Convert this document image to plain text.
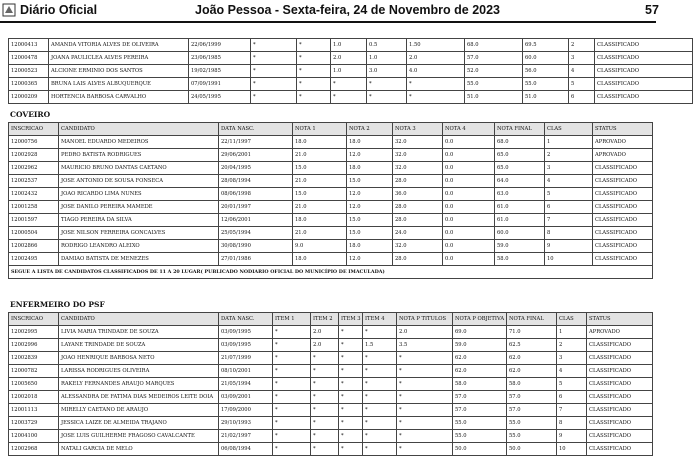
Diário Oficial	João Pessoa - Sexta-feira, 24 de Novembro de 2023	57
12000413	AMANDA VITORIA ALVES DE OLIVEIRA	22/06/1999	*	*	1.0	0.5	1.50	68.0	69.5	2	CLASSIFICADO
12000478	JOANA PAULICLEA ALVES PEREIRA	23/06/1985	*	*	2.0	1.0	2.0	57.0	60.0	3	CLASSIFICADO
12000523	ALCIONE ERMINIO DOS SANTOS	19/02/1985	*	*	1.0	3.0	4.0	52.0	56.0	4	CLASSIFICADO
12000365	BRUNA LAIS ALVES ALBUQUERQUE	07/09/1991	*	*	*	*	*	55.0	55.0	5	CLASSIFICADO
12000209	HORTENCIA BARBOSA CARVALHO	24/05/1995	*	*	*	*	*	51.0	51.0	6	CLASSIFICADO
COVEIRO
INSCRICAO	CANDIDATO	DATA NASC.	NOTA 1	NOTA 2	NOTA 3	NOTA 4	NOTA FINAL	CLAS	STATUS
12000756	MANOEL EDUARDO MEDEIROS	22/11/1997	18.0	18.0	32.0	0.0	68.0	1	APROVADO
12002928	PEDRO BATISTA RODRIGUES	29/06/2001	21.0	12.0	32.0	0.0	65.0	2	APROVADO
12002962	MAURICIO BRUNO DANTAS CAETANO	20/04/1995	15.0	18.0	32.0	0.0	65.0	3	CLASSIFICADO
12002537	JOSE ANTONIO DE SOUSA FONSECA	28/08/1994	21.0	15.0	28.0	0.0	64.0	4	CLASSIFICADO
12002432	JOAO RICARDO LIMA NUNES	08/06/1998	15.0	12.0	36.0	0.0	63.0	5	CLASSIFICADO
12001258	JOSE DANILO PEREIRA MAMEDE	20/01/1997	21.0	12.0	28.0	0.0	61.0	6	CLASSIFICADO
12001597	TIAGO PEREIRA DA SILVA	12/06/2001	18.0	15.0	28.0	0.0	61.0	7	CLASSIFICADO
12000504	JOSE NILSON FERREIRA GONCALVES	25/05/1994	21.0	15.0	24.0	0.0	60.0	8	CLASSIFICADO
12002866	RODRIGO LEANDRO ALEIXO	30/08/1990	9.0	18.0	32.0	0.0	59.0	9	CLASSIFICADO
12002495	DAMIAO BATISTA DE MENEZES	27/01/1986	18.0	12.0	28.0	0.0	58.0	10	CLASSIFICADO
SEGUE A LISTA DE CANDIDATOS CLASSIFICADOS DE 11 A 20 LUGAR( PUBLICADO NODIARIO OFICIAL DO MUNICÍPIO DE IMACULADA)									
ENFERMEIRO DO PSF
INSCRICAO	CANDIDATO	DATA NASC.	ITEM 1	ITEM 2	ITEM 3	ITEM 4	NOTA P TITULOS	NOTA P OBJETIVA	NOTA FINAL	CLAS	STATUS
12002995	LIVIA MARIA TRINDADE DE SOUZA	03/09/1995	*	2.0	*	*	2.0	69.0	71.0	1	APROVADO
12002996	LAYANE TRINDADE DE SOUZA	03/09/1995	*	2.0	*	1.5	3.5	59.0	62.5	2	CLASSIFICADO
12002839	JOAO HENRIQUE BARBOSA NETO	21/07/1999	*	*	*	*	*	62.0	62.0	3	CLASSIFICADO
12000782	LARISSA RODRIGUES OLIVEIRA	08/10/2001	*	*	*	*	*	62.0	62.0	4	CLASSIFICADO
12005650	RAKELY FERNANDES ARAUJO MARQUES	21/05/1994	*	*	*	*	*	58.0	58.0	5	CLASSIFICADO
12002018	ALESSANDRA DE FATIMA DIAS MEDEIROS LEITE DOIA	03/09/2001	*	*	*	*	*	57.0	57.0	6	CLASSIFICADO
12001113	MIRELLY CAETANO DE ARAUJO	17/09/2000	*	*	*	*	*	57.0	57.0	7	CLASSIFICADO
12003729	JESSICA LAIZE DE ALMEIDA TRAJANO	29/10/1993	*	*	*	*	*	55.0	55.0	8	CLASSIFICADO
12004100	JOSE LUIS GUILHERME FRAGOSO CAVALCANTE	21/02/1997	*	*	*	*	*	55.0	55.0	9	CLASSIFICADO
12002968	NATALI GARCIA DE MELO	06/08/1994	*	*	*	*	*	50.0	50.0	10	CLASSIFICADO
